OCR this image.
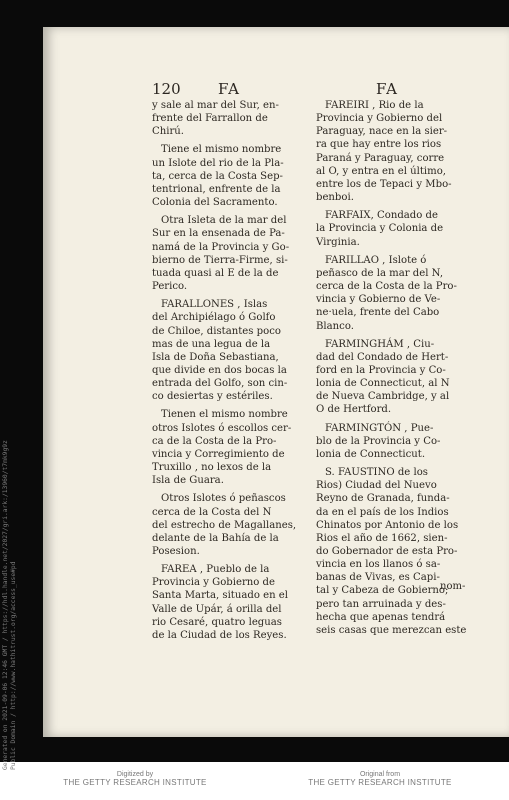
120 FA	FA

y sale al mar del Sur, en-
frente del Farrallon de
Chirú.

Tiene el mismo nombre
un Islote del rio de la Pla-
ta, cerca de la Costa Sep-
tentrional, enfrente de la
Colonia del Sacramento.

Otra Isleta de la mar del
Sur en la ensenada de Pa-
namá de la Provincia y Go-
bierno de Tierra-Firme, si-
tuada quasi al E de la de
Perico.

FARALLONES , Islas
del Archipiélago ó Golfo
de Chiloe, distantes poco
mas de una legua de la
Isla de Doña Sebastiana,
que divide en dos bocas la
entrada del Golfo, son cin-
co desiertas y estériles.

Tienen el mismo nombre
otros Islotes ó escollos cer-
ca de la Costa de la Pro-
vincia y Corregimiento de
Truxillo , no lexos de la
Isla de Guara.

Otros Islotes ó peñascos
cerca de la Costa del N
del estrecho de Magallanes,
delante de la Bahía de la
Posesion.

FAREA , Pueblo de la
Provincia y Gobierno de
Santa Marta, situado en el
Valle de Upár, á orilla del
rio Cesaré, quatro leguas
de la Ciudad de los Reyes.

FAREIRI , Rio de la
Provincia y Gobierno del
Paraguay, nace en la sier-
ra que hay entre los rios
Paraná y Paraguay, corre
al O, y entra en el último,
entre los de Tepaci y Mbo-
benboi.

FARFAIX, Condado de
la Provincia y Colonia de
Virginia.

FARILLAO , Islote ó
peñasco de la mar del N,
cerca de la Costa de la Pro-
vincia y Gobierno de Ve-
ne·uela, frente del Cabo
Blanco.

FARMINGHÁM , Ciu-
dad del Condado de Hert-
ford en la Provincia y Co-
lonia de Connecticut, al N
de Nueva Cambridge, y al
O de Hertford.

FARMINGTÓN , Pue-
blo de la Provincia y Co-
lonia de Connecticut.

S. FAUSTINO de los
Rios) Ciudad del Nuevo
Reyno de Granada, funda-
da en el país de los Indios
Chinatos por Antonio de los
Rios el año de 1662, sien-
do Gobernador de esta Pro-
vincia en los llanos ó sa-
banas de Vivas, es Capi-
tal y Cabeza de Gobierno;
pero tan arruinada y des-
hecha que apenas tendrá
seis casas que merezcan este

nom-
Digitized by
THE GETTY RESEARCH INSTITUTE
Original from
THE GETTY RESEARCH INSTITUTE
Generated on 2021-09-06 12:46 GMT / https://hdl.handle.net/2027/gri.ark:/13960/t7mk9g9z Public Domain / http://www.hathitrust.org/access_use#pd
